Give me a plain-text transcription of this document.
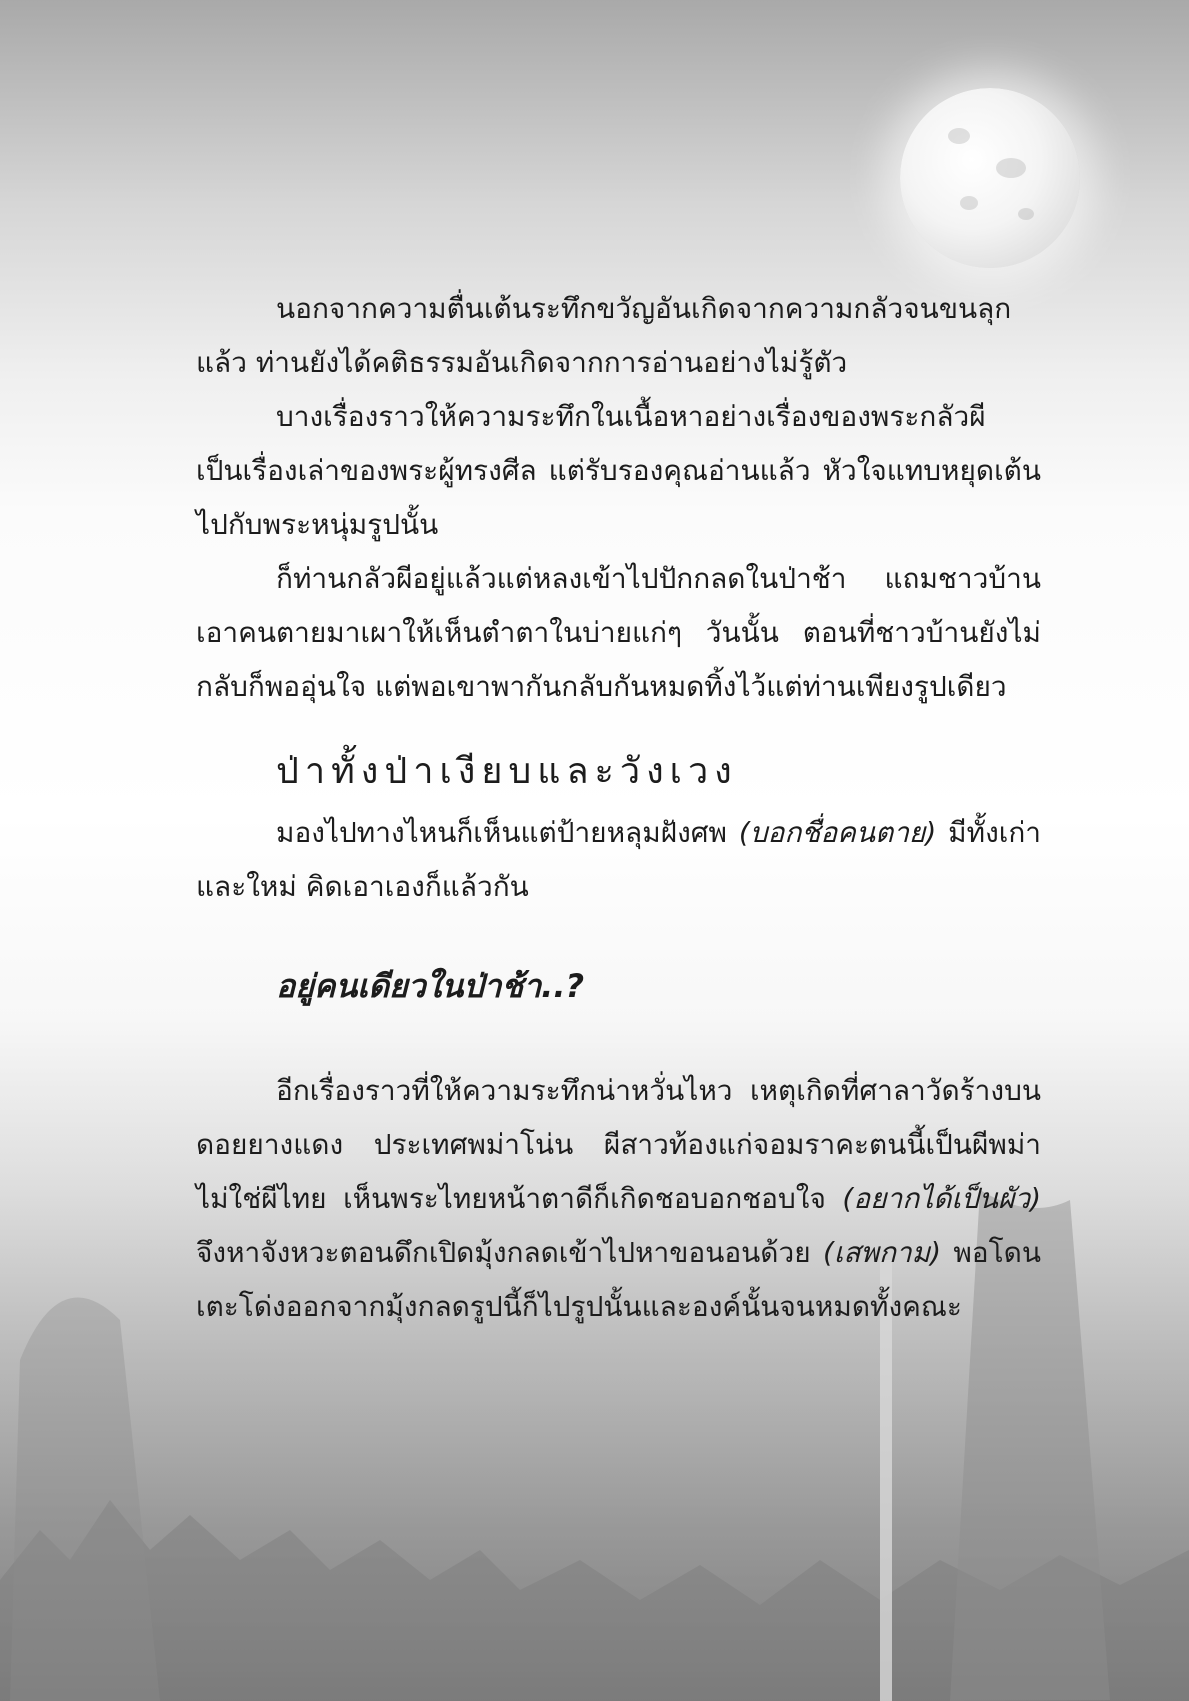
นอกจากความตื่นเต้นระทึกขวัญอันเกิดจากความกลัวจนขนลุกแล้ว ท่านยังได้คติธรรมอันเกิดจากการอ่านอย่างไม่รู้ตัว

บางเรื่องราวให้ความระทึกในเนื้อหาอย่างเรื่องของพระกลัวผี เป็นเรื่องเล่าของพระผู้ทรงศีล แต่รับรองคุณอ่านแล้ว หัวใจแทบหยุดเต้นไปกับพระหนุ่มรูปนั้น

ก็ท่านกลัวผีอยู่แล้วแต่หลงเข้าไปปักกลดในป่าช้า แถมชาวบ้านเอาคนตายมาเผาให้เห็นตำตาในบ่ายแก่ๆ วันนั้น ตอนที่ชาวบ้านยังไม่กลับก็พออุ่นใจ แต่พอเขาพากันกลับกันหมดทิ้งไว้แต่ท่านเพียงรูปเดียว

ป่าทั้งป่าเงียบและวังเวง

มองไปทางไหนก็เห็นแต่ป้ายหลุมฝังศพ (บอกชื่อคนตาย) มีทั้งเก่าและใหม่ คิดเอาเองก็แล้วกัน

อยู่คนเดียวในป่าช้า..?

อีกเรื่องราวที่ให้ความระทึกน่าหวั่นไหว เหตุเกิดที่ศาลาวัดร้างบนดอยยางแดง ประเทศพม่าโน่น ผีสาวท้องแก่จอมราคะตนนี้เป็นผีพม่าไม่ใช่ผีไทย เห็นพระไทยหน้าตาดีก็เกิดชอบอกชอบใจ (อยากได้เป็นผัว) จึงหาจังหวะตอนดึกเปิดมุ้งกลดเข้าไปหาขอนอนด้วย (เสพกาม) พอโดนเตะโด่งออกจากมุ้งกลดรูปนี้ก็ไปรูปนั้นและองค์นั้นจนหมดทั้งคณะ
